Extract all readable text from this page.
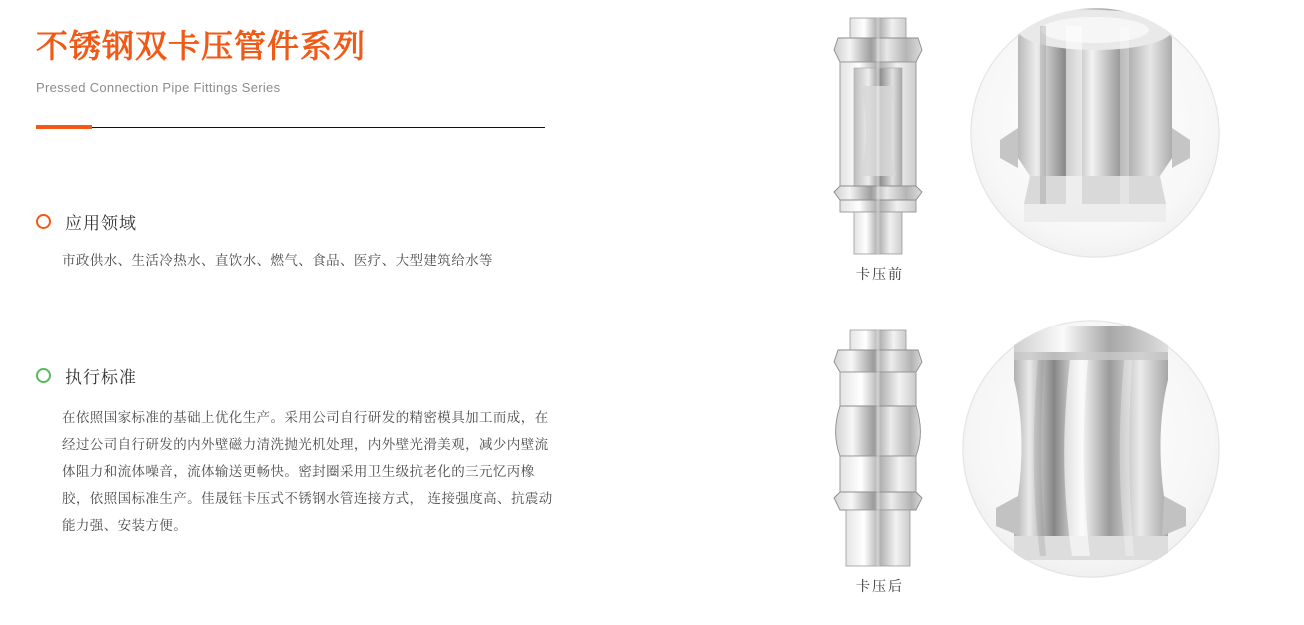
不锈钢双卡压管件系列

Pressed Connection Pipe Fittings Series

应用领域

市政供水、生活冷热水、直饮水、燃气、食品、医疗、大型建筑给水等

执行标准

在依照国家标准的基础上优化生产。采用公司自行研发的精密模具加工而成，在经过公司自行研发的内外壁磁力清洗抛光机处理，内外壁光滑美观，减少内壁流体阻力和流体噪音，流体输送更畅快。密封圈采用卫生级抗老化的三元忆丙橡胶，依照国标准生产。佳晟钰卡压式不锈钢水管连接方式， 连接强度高、抗震动能力强、安装方便。

卡压前
卡压后
